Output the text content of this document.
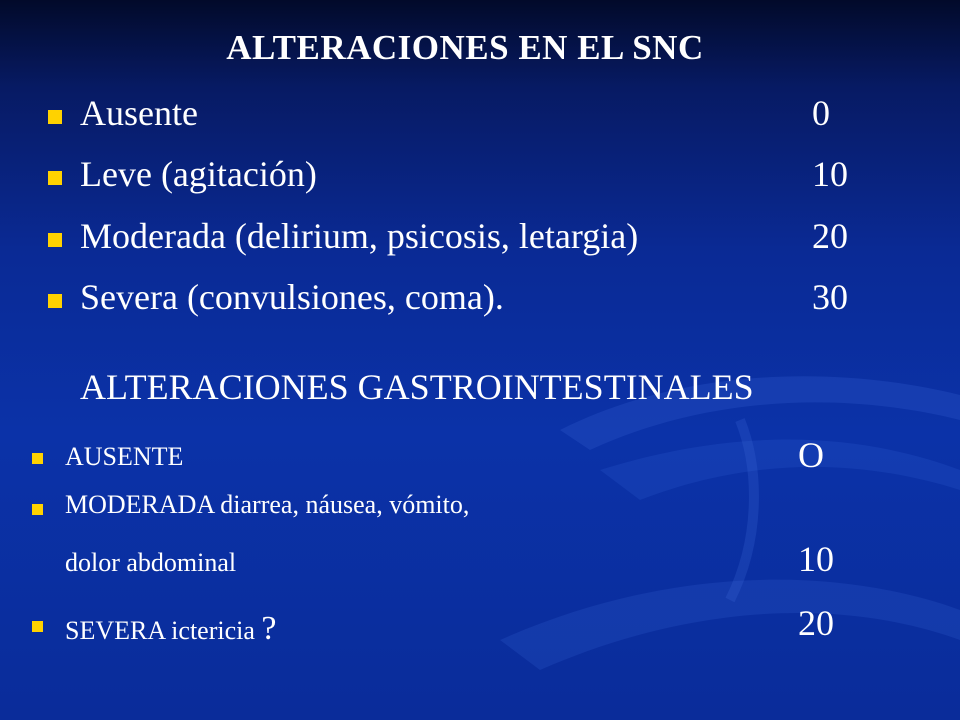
ALTERACIONES EN EL SNC
Ausente	0
Leve (agitación)	10
Moderada (delirium, psicosis, letargia)	20
Severa (convulsiones, coma).	30
ALTERACIONES GASTROINTESTINALES
AUSENTE	O
MODERADA diarrea, náusea, vómito,
dolor abdominal	10
SEVERA ictericia ?	20
